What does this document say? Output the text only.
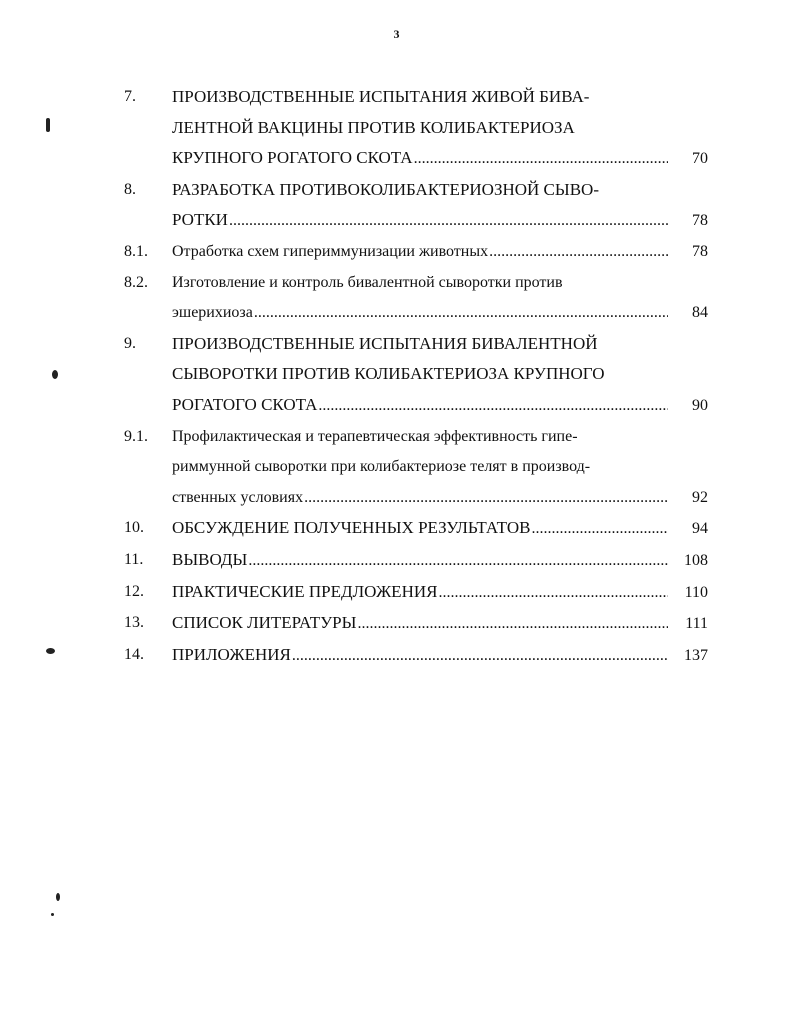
3
7.	ПРОИЗВОДСТВЕННЫЕ ИСПЫТАНИЯ ЖИВОЙ БИВА-
ЛЕНТНОЙ ВАКЦИНЫ ПРОТИВ КОЛИБАКТЕРИОЗА
КРУПНОГО РОГАТОГО СКОТА .....	70
8.	РАЗРАБОТКА ПРОТИВОКОЛИБАКТЕРИОЗНОЙ СЫВО-
РОТКИ .....	78
8.1.	Отработка схем гипериммунизации животных .....	78
8.2.	Изготовление и контроль бивалентной сыворотки против
эшерихиоза .....	84
9.	ПРОИЗВОДСТВЕННЫЕ ИСПЫТАНИЯ БИВАЛЕНТНОЙ
СЫВОРОТКИ ПРОТИВ КОЛИБАКТЕРИОЗА КРУПНОГО
РОГАТОГО СКОТА .....	90
9.1.	Профилактическая и терапевтическая эффективность гипе-
риммунной сыворотки при колибактериозе телят в производ-
ственных условиях .....	92
10.	ОБСУЖДЕНИЕ ПОЛУЧЕННЫХ РЕЗУЛЬТАТОВ .....	94
11.	ВЫВОДЫ .....	108
12.	ПРАКТИЧЕСКИЕ ПРЕДЛОЖЕНИЯ .....	110
13.	СПИСОК ЛИТЕРАТУРЫ .....	111
14.	ПРИЛОЖЕНИЯ .....	137
